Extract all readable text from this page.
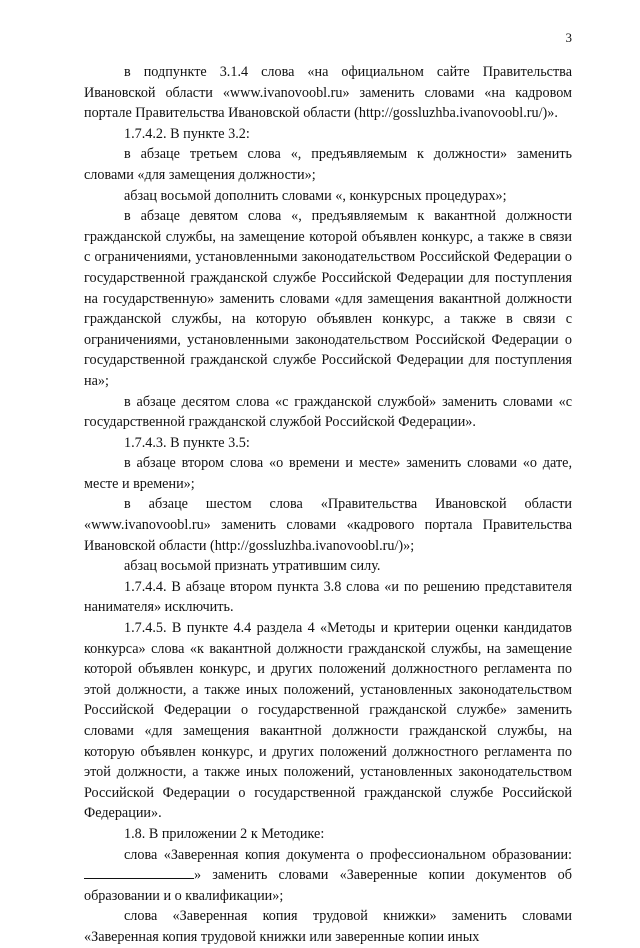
3

в подпункте 3.1.4 слова «на официальном сайте Правительства Ивановской области «www.ivanovoobl.ru» заменить словами «на кадровом портале Правительства Ивановской области (http://gossluzhba.ivanovoobl.ru/)».

1.7.4.2. В пункте 3.2:

в абзаце третьем слова «, предъявляемым к должности» заменить словами «для замещения должности»;

абзац восьмой дополнить словами «, конкурсных процедурах»;

в абзаце девятом слова «, предъявляемым к вакантной должности гражданской службы, на замещение которой объявлен конкурс, а также в связи с ограничениями, установленными законодательством Российской Федерации о государственной гражданской службе Российской Федерации для поступления на государственную» заменить словами «для замещения вакантной должности гражданской службы, на которую объявлен конкурс, а также в связи с ограничениями, установленными законодательством Российской Федерации о государственной гражданской службе Российской Федерации для поступления на»;

в абзаце десятом слова «с гражданской службой» заменить словами «с государственной гражданской службой Российской Федерации».

1.7.4.3. В пункте 3.5:

в абзаце втором слова «о времени и месте» заменить словами «о дате, месте и времени»;

в абзаце шестом слова «Правительства Ивановской области «www.ivanovoobl.ru» заменить словами «кадрового портала Правительства Ивановской области (http://gossluzhba.ivanovoobl.ru/)»;

абзац восьмой признать утратившим силу.

1.7.4.4. В абзаце втором пункта 3.8 слова «и по решению представителя нанимателя» исключить.

1.7.4.5. В пункте 4.4 раздела 4 «Методы и критерии оценки кандидатов конкурса» слова «к вакантной должности гражданской службы, на замещение которой объявлен конкурс, и других положений должностного регламента по этой должности, а также иных положений, установленных законодательством Российской Федерации о государственной гражданской службе» заменить словами «для замещения вакантной должности гражданской службы, на которую объявлен конкурс, и других положений должностного регламента по этой должности, а также иных положений, установленных законодательством Российской Федерации о государственной гражданской службе Российской Федерации».

1.8. В приложении 2 к Методике:

слова «Заверенная копия документа о профессиональном образовании: » заменить словами «Заверенные копии документов об образовании и о квалификации»;

слова «Заверенная копия трудовой книжки» заменить словами «Заверенная копия трудовой книжки или заверенные копии иных
